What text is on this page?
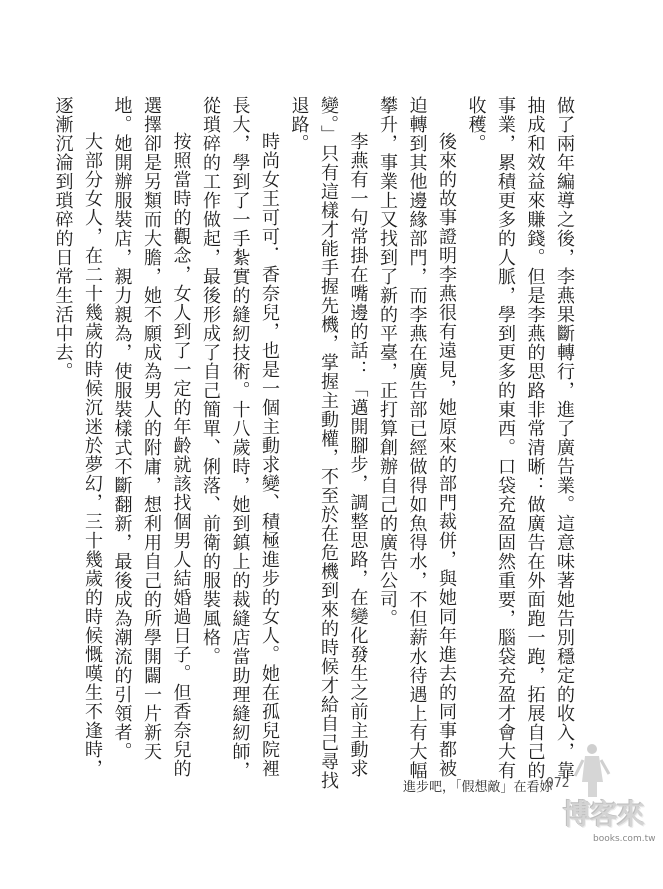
做了兩年編導之後，李燕果斷轉行，進了廣告業。這意味著她告別穩定的收入，靠抽成和效益來賺錢。但是李燕的思路非常清晰：做廣告在外面跑一跑，拓展自己的事業，累積更多的人脈，學到更多的東西。口袋充盈固然重要，腦袋充盈才會大有收穫。

後來的故事證明李燕很有遠見，她原來的部門裁併，與她同年進去的同事都被迫轉到其他邊緣部門，而李燕在廣告部已經做得如魚得水，不但薪水待遇上有大幅攀升，事業上又找到了新的平臺，正打算創辦自己的廣告公司。

李燕有一句常掛在嘴邊的話：「邁開腳步，調整思路，在變化發生之前主動求變。」只有這樣才能手握先機，掌握主動權，不至於在危機到來的時候才給自己尋找退路。

時尚女王可可．香奈兒，也是一個主動求變、積極進步的女人。她在孤兒院裡長大，學到了一手紮實的縫紉技術。十八歲時，她到鎮上的裁縫店當助理縫紉師，從瑣碎的工作做起，最後形成了自己簡單、俐落、前衛的服裝風格。

按照當時的觀念，女人到了一定的年齡就該找個男人結婚過日子。但香奈兒的選擇卻是另類而大膽，她不願成為男人的附庸，想利用自己的所學開闢一片新天地。她開辦服裝店，親力親為，使服裝樣式不斷翻新，最後成為潮流的引領者。

大部分女人，在二十幾歲的時候沉迷於夢幻，三十幾歲的時候慨嘆生不逢時，逐漸沉淪到瑣碎的日常生活中去。

進步吧，「假想敵」在看妳
072
博客來
books.com.tw
